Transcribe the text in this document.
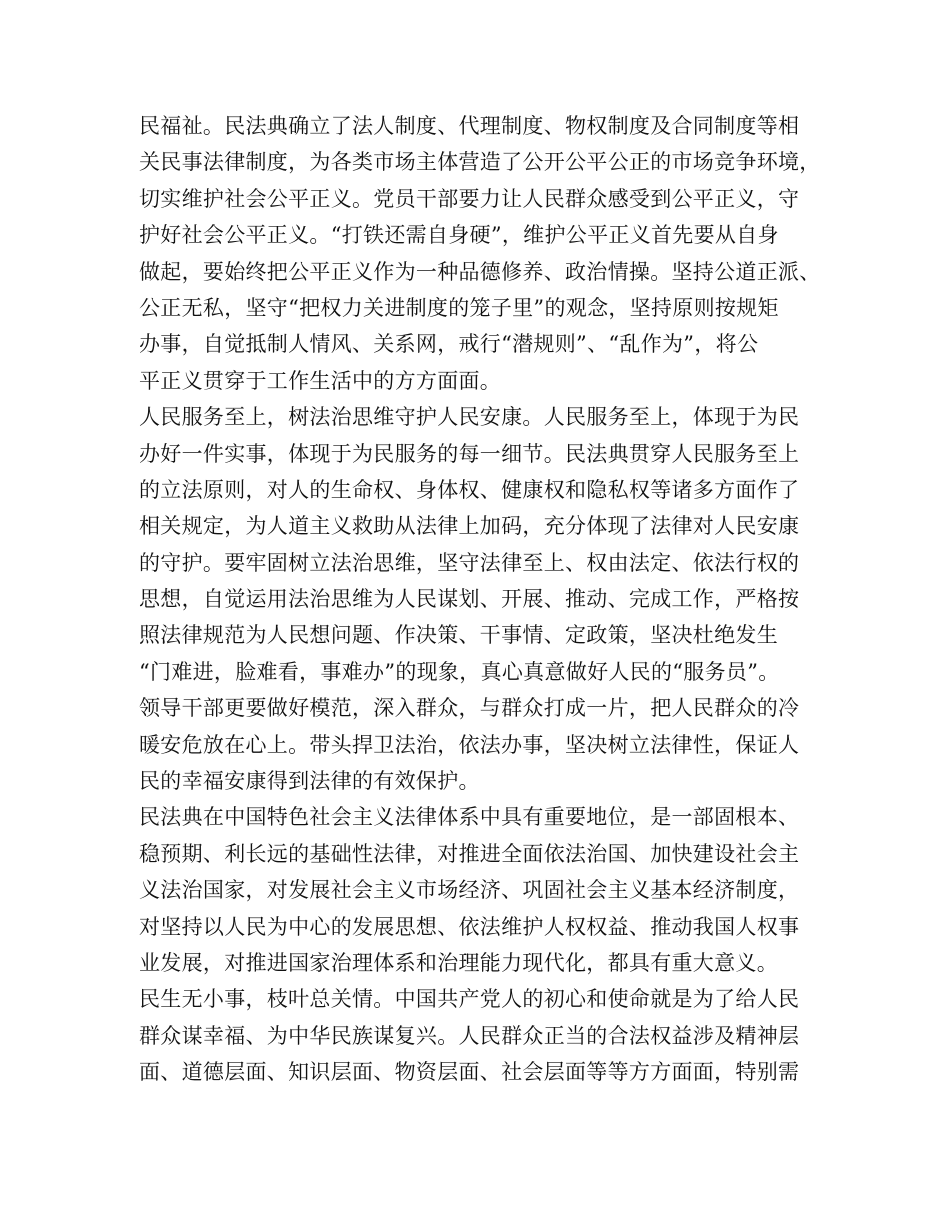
民福祉。民法典确立了法人制度、代理制度、物权制度及合同制度等相
关民事法律制度，为各类市场主体营造了公开公平公正的市场竞争环境，
切实维护社会公平正义。党员干部要力让人民群众感受到公平正义，守
护好社会公平正义。“打铁还需自身硬”，维护公平正义首先要从自身
做起，要始终把公平正义作为一种品德修养、政治情操。坚持公道正派、
公正无私，坚守“把权力关进制度的笼子里”的观念，坚持原则按规矩
办事，自觉抵制人情风、关系网，戒行“潜规则”、“乱作为”，将公
平正义贯穿于工作生活中的方方面面。
人民服务至上，树法治思维守护人民安康。人民服务至上，体现于为民
办好一件实事，体现于为民服务的每一细节。民法典贯穿人民服务至上
的立法原则，对人的生命权、身体权、健康权和隐私权等诸多方面作了
相关规定，为人道主义救助从法律上加码，充分体现了法律对人民安康
的守护。要牢固树立法治思维，坚守法律至上、权由法定、依法行权的
思想，自觉运用法治思维为人民谋划、开展、推动、完成工作，严格按
照法律规范为人民想问题、作决策、干事情、定政策，坚决杜绝发生
“门难进，脸难看，事难办”的现象，真心真意做好人民的“服务员”。
领导干部更要做好模范，深入群众，与群众打成一片，把人民群众的冷
暖安危放在心上。带头捍卫法治，依法办事，坚决树立法律性，保证人
民的幸福安康得到法律的有效保护。
民法典在中国特色社会主义法律体系中具有重要地位，是一部固根本、
稳预期、利长远的基础性法律，对推进全面依法治国、加快建设社会主
义法治国家，对发展社会主义市场经济、巩固社会主义基本经济制度，
对坚持以人民为中心的发展思想、依法维护人权权益、推动我国人权事
业发展，对推进国家治理体系和治理能力现代化，都具有重大意义。
民生无小事，枝叶总关情。中国共产党人的初心和使命就是为了给人民
群众谋幸福、为中华民族谋复兴。人民群众正当的合法权益涉及精神层
面、道德层面、知识层面、物资层面、社会层面等等方方面面，特别需
